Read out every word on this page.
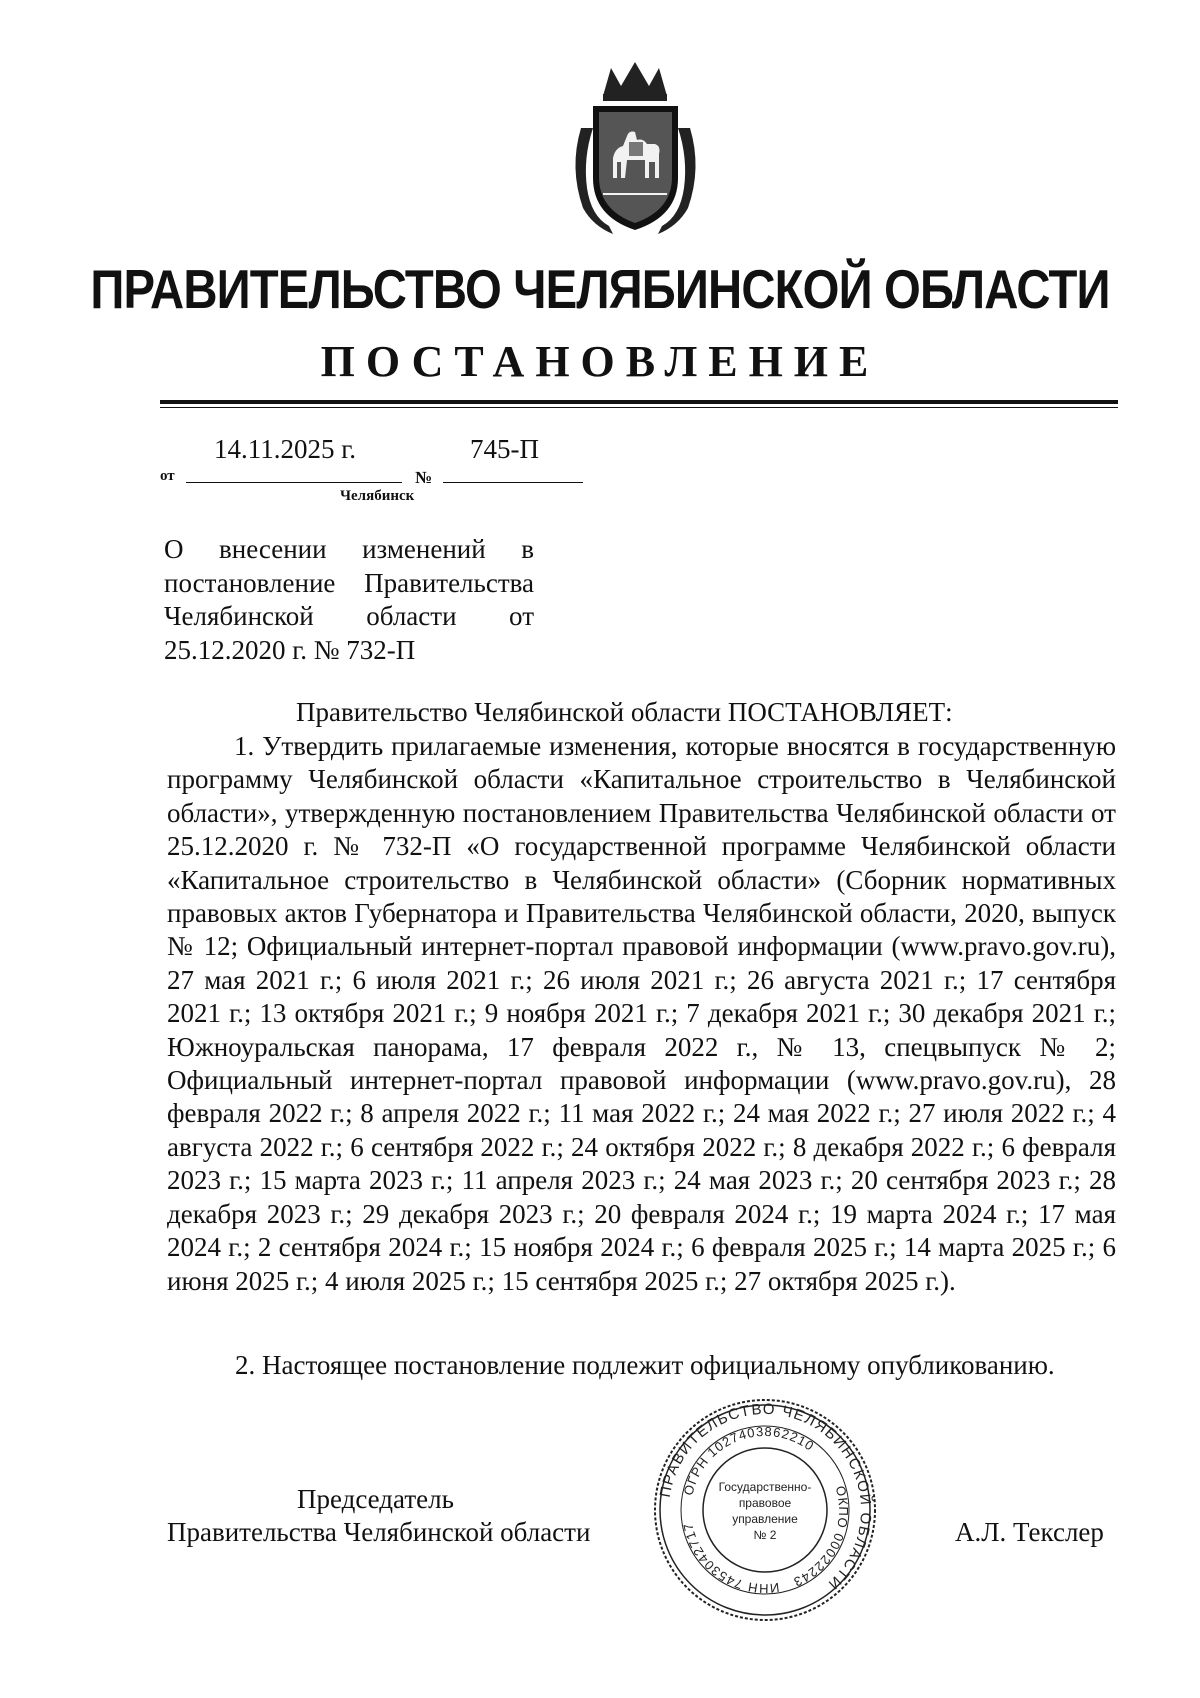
ПРАВИТЕЛЬСТВО ЧЕЛЯБИНСКОЙ ОБЛАСТИ
ПОСТАНОВЛЕНИЕ
от
14.11.2025 г.
№
745-П
Челябинск
О внесении изменений в постановление Правительства Челябинской области от 25.12.2020 г. № 732-П
Правительство Челябинской области ПОСТАНОВЛЯЕТ:

1. Утвердить прилагаемые изменения, которые вносятся в государственную программу Челябинской области «Капитальное строительство в Челябинской области», утвержденную постановлением Правительства Челябинской области от 25.12.2020 г. № 732-П «О государственной программе Челябинской области «Капитальное строительство в Челябинской области» (Сборник нормативных правовых актов Губернатора и Правительства Челябинской области, 2020, выпуск № 12; Официальный интернет-портал правовой информации (www.pravo.gov.ru), 27 мая 2021 г.; 6 июля 2021 г.; 26 июля 2021 г.; 26 августа 2021 г.; 17 сентября 2021 г.; 13 октября 2021 г.; 9 ноября 2021 г.; 7 декабря 2021 г.; 30 декабря 2021 г.; Южноуральская панорама, 17 февраля 2022 г., № 13, спецвыпуск № 2; Официальный интернет-портал правовой информации (www.pravo.gov.ru), 28 февраля 2022 г.; 8 апреля 2022 г.; 11 мая 2022 г.; 24 мая 2022 г.; 27 июля 2022 г.; 4 августа 2022 г.; 6 сентября 2022 г.; 24 октября 2022 г.; 8 декабря 2022 г.; 6 февраля 2023 г.; 15 марта 2023 г.; 11 апреля 2023 г.; 24 мая 2023 г.; 20 сентября 2023 г.; 28 декабря 2023 г.; 29 декабря 2023 г.; 20 февраля 2024 г.; 19 марта 2024 г.; 17 мая 2024 г.; 2 сентября 2024 г.; 15 ноября 2024 г.; 6 февраля 2025 г.; 14 марта 2025 г.; 6 июня 2025 г.; 4 июля 2025 г.; 15 сентября 2025 г.; 27 октября 2025 г.).

2. Настоящее постановление подлежит официальному опубликованию.
ПРАВИТЕЛЬСТВО ЧЕЛЯБИНСКОЙ ОБЛАСТИ
ОГРН 1027403862210
ОКПО 00022243
ИНН 7453042717
Государственно-
правовое
управление
№ 2
Председатель
Правительства Челябинской области	А.Л. Текслер
